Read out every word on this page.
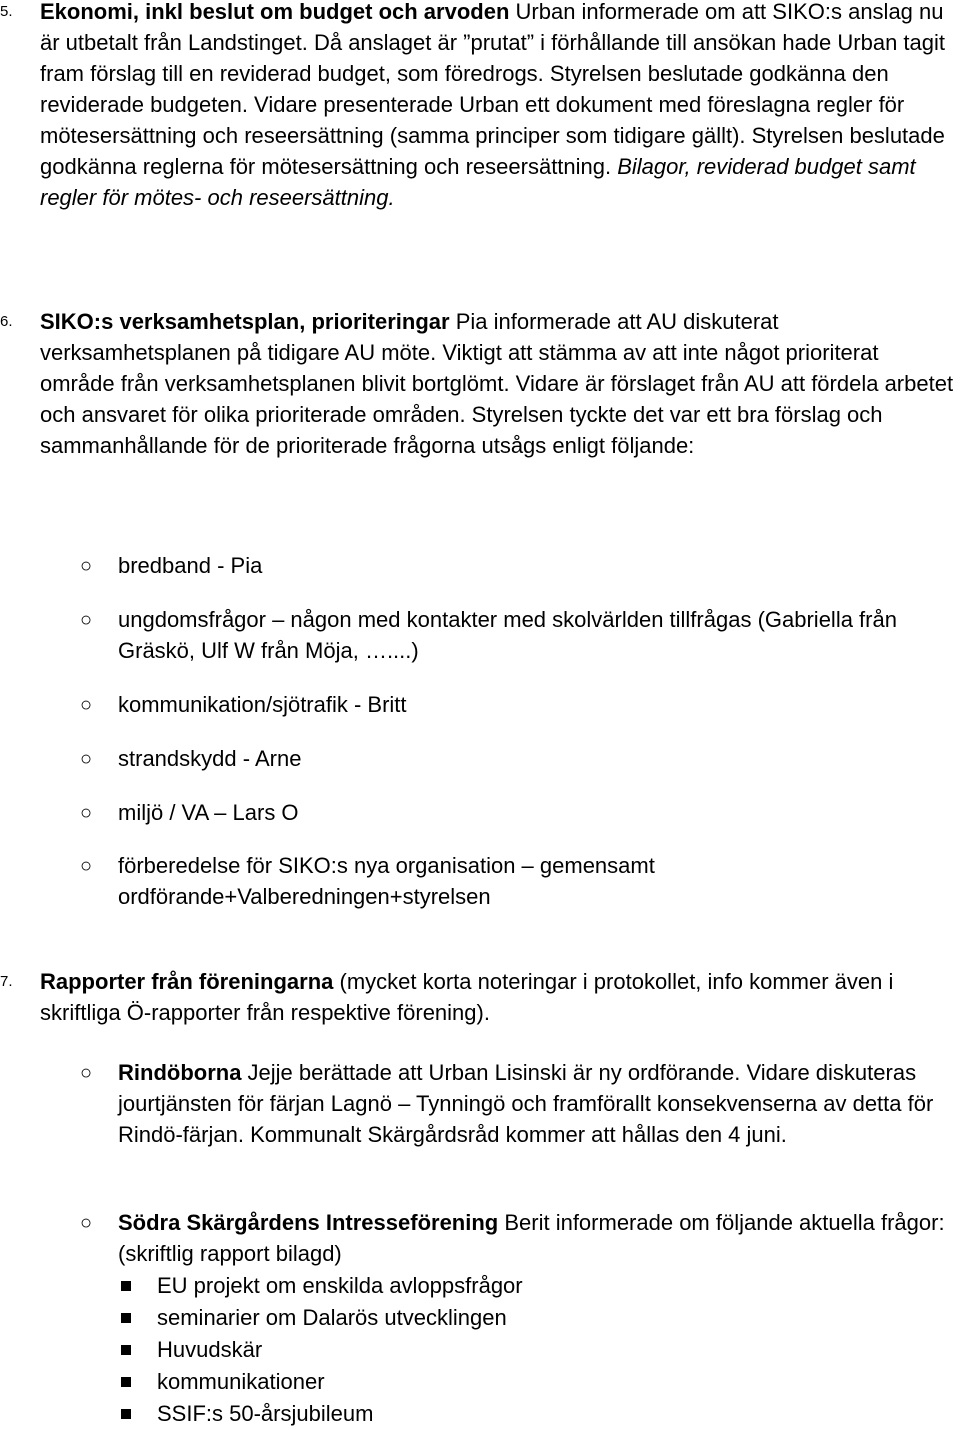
5. Ekonomi, inkl beslut om budget och arvoden Urban informerade om att SIKO:s anslag nu är utbetalt från Landstinget. Då anslaget är ”prutat” i förhållande till ansökan hade Urban tagit fram förslag till en reviderad budget, som föredrogs. Styrelsen beslutade godkänna den reviderade budgeten. Vidare presenterade Urban ett dokument med föreslagna regler för mötesersättning och reseersättning (samma principer som tidigare gällt). Styrelsen beslutade godkänna reglerna för mötesersättning och reseersättning. Bilagor, reviderad budget samt regler för mötes- och reseersättning.
6. SIKO:s verksamhetsplan, prioriteringar Pia informerade att AU diskuterat verksamhetsplanen på tidigare AU möte. Viktigt att stämma av att inte något prioriterat område från verksamhetsplanen blivit bortglömt. Vidare är förslaget från AU att fördela arbetet och ansvaret för olika prioriterade områden. Styrelsen tyckte det var ett bra förslag och sammanhållande för de prioriterade frågorna utsågs enligt följande:
○ bredband - Pia
○ ungdomsfrågor – någon med kontakter med skolvärlden tillfrågas (Gabriella från Gräskö, Ulf W från Möja, …....)
○ kommunikation/sjötrafik - Britt
○ strandskydd - Arne
○ miljö / VA – Lars O
○ förberedelse för SIKO:s nya organisation – gemensamt ordförande+Valberedningen+styrelsen
7. Rapporter från föreningarna (mycket korta noteringar i protokollet, info kommer även i skriftliga Ö-rapporter från respektive förening).
○ Rindöborna Jejje berättade att Urban Lisinski är ny ordförande. Vidare diskuteras jourtjänsten för färjan Lagnö – Tynningö och framförallt konsekvenserna av detta för Rindö-färjan. Kommunalt Skärgårdsråd kommer att hållas den 4 juni.
○ Södra Skärgårdens Intresseförening Berit informerade om följande aktuella frågor: (skriftlig rapport bilagd)
EU projekt om enskilda avloppsfrågor
seminarier om Dalarös utvecklingen
Huvudskär
kommunikationer
SSIF:s 50-årsjubileum
